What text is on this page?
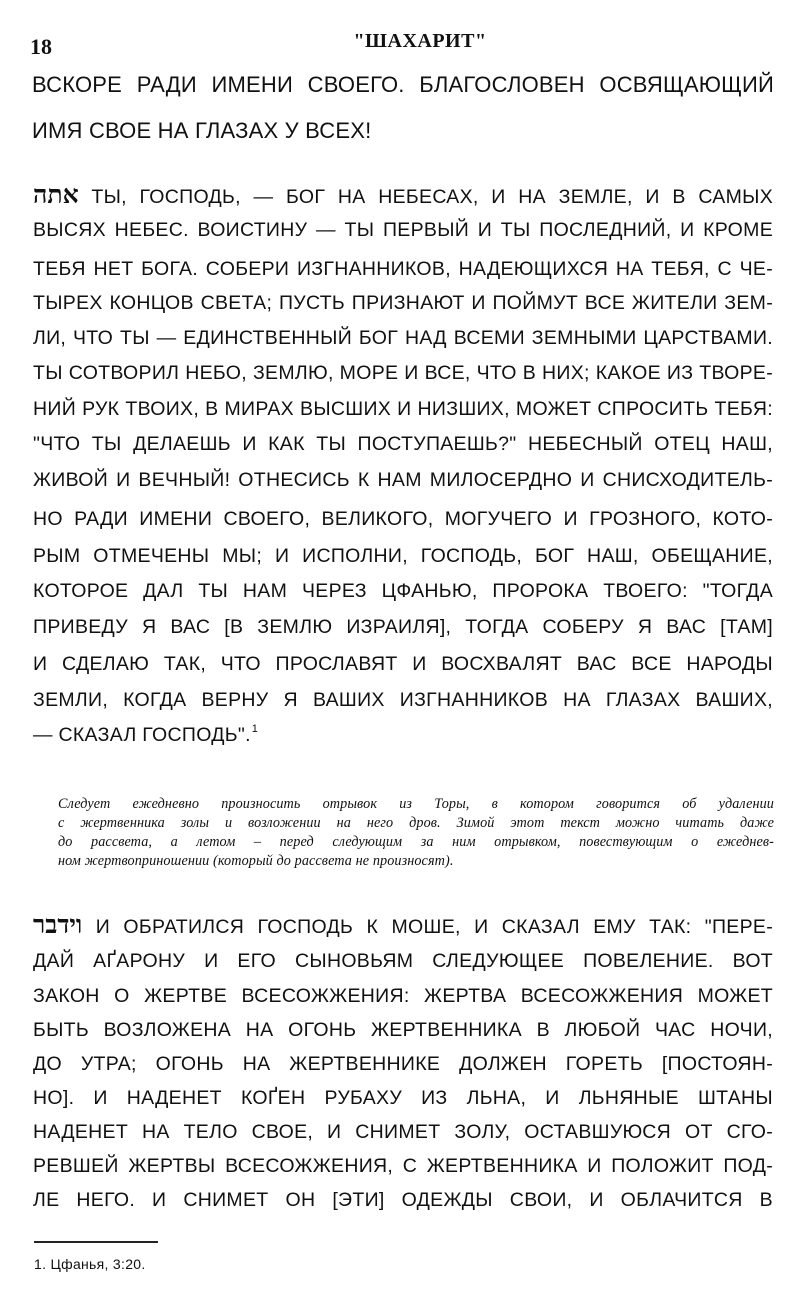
18	"ШАХАРИТ"
ВСКОРЕ РАДИ ИМЕНИ СВОЕГО. БЛАГОСЛОВЕН ОСВЯЩАЮЩИЙ
ИМЯ СВОЕ НА ГЛАЗАХ У ВСЕХ!
אתה ТЫ, ГОСПОДЬ, — БОГ НА НЕБЕСАХ, И НА ЗЕМЛЕ, И В САМЫХ
ВЫСЯХ НЕБЕС. ВОИСТИНУ — ТЫ ПЕРВЫЙ И ТЫ ПОСЛЕДНИЙ, И КРОМЕ
ТЕБЯ НЕТ БОГА. СОБЕРИ ИЗГНАННИКОВ, НАДЕЮЩИХСЯ НА ТЕБЯ, С ЧЕ-
ТЫРЕХ КОНЦОВ СВЕТА; ПУСТЬ ПРИЗНАЮТ И ПОЙМУТ ВСЕ ЖИТЕЛИ ЗЕМ-
ЛИ, ЧТО ТЫ — ЕДИНСТВЕННЫЙ БОГ НАД ВСЕМИ ЗЕМНЫМИ ЦАРСТВАМИ.
ТЫ СОТВОРИЛ НЕБО, ЗЕМЛЮ, МОРЕ И ВСЕ, ЧТО В НИХ; КАКОЕ ИЗ ТВОРЕ-
НИЙ РУК ТВОИХ, В МИРАХ ВЫСШИХ И НИЗШИХ, МОЖЕТ СПРОСИТЬ ТЕБЯ:
"ЧТО ТЫ ДЕЛАЕШЬ И КАК ТЫ ПОСТУПАЕШЬ?" НЕБЕСНЫЙ ОТЕЦ НАШ,
ЖИВОЙ И ВЕЧНЫЙ! ОТНЕСИСЬ К НАМ МИЛОСЕРДНО И СНИСХОДИТЕЛЬ-
НО РАДИ ИМЕНИ СВОЕГО, ВЕЛИКОГО, МОГУЧЕГО И ГРОЗНОГО, КОТО-
РЫМ ОТМЕЧЕНЫ МЫ; И ИСПОЛНИ, ГОСПОДЬ, БОГ НАШ, ОБЕЩАНИЕ,
КОТОРОЕ ДАЛ ТЫ НАМ ЧЕРЕЗ ЦФАНЬЮ, ПРОРОКА ТВОЕГО: "ТОГДА
ПРИВЕДУ Я ВАС [В ЗЕМЛЮ ИЗРАИЛЯ], ТОГДА СОБЕРУ Я ВАС [ТАМ]
И СДЕЛАЮ ТАК, ЧТО ПРОСЛАВЯТ И ВОСХВАЛЯТ ВАС ВСЕ НАРОДЫ
ЗЕМЛИ, КОГДА ВЕРНУ Я ВАШИХ ИЗГНАННИКОВ НА ГЛАЗАХ ВАШИХ,
— СКАЗАЛ ГОСПОДЬ".$^1$
Следует ежедневно произносить отрывок из Торы, в котором говорится об удалении
с жертвенника золы и возложении на него дров. Зимой этот текст можно читать даже
до рассвета, а летом – перед следующим за ним отрывком, повествующим о ежеднев-
ном жертвоприношении (который до рассвета не произносят).
וידבר И ОБРАТИЛСЯ ГОСПОДЬ К МОШЕ, И СКАЗАЛ ЕМУ ТАК: "ПЕРЕ-
ДАЙ АҐАРОНУ И ЕГО СЫНОВЬЯМ СЛЕДУЮЩЕЕ ПОВЕЛЕНИЕ. ВОТ
ЗАКОН О ЖЕРТВЕ ВСЕСОЖЖЕНИЯ: ЖЕРТВА ВСЕСОЖЖЕНИЯ МОЖЕТ
БЫТЬ ВОЗЛОЖЕНА НА ОГОНЬ ЖЕРТВЕННИКА В ЛЮБОЙ ЧАС НОЧИ,
ДО УТРА; ОГОНЬ НА ЖЕРТВЕННИКЕ ДОЛЖЕН ГОРЕТЬ [ПОСТОЯН-
НО]. И НАДЕНЕТ КОҐЕН РУБАХУ ИЗ ЛЬНА, И ЛЬНЯНЫЕ ШТАНЫ
НАДЕНЕТ НА ТЕЛО СВОЕ, И СНИМЕТ ЗОЛУ, ОСТАВШУЮСЯ ОТ СГО-
РЕВШЕЙ ЖЕРТВЫ ВСЕСОЖЖЕНИЯ, С ЖЕРТВЕННИКА И ПОЛОЖИТ ПОД-
ЛЕ НЕГО. И СНИМЕТ ОН [ЭТИ] ОДЕЖДЫ СВОИ, И ОБЛАЧИТСЯ В
1. Цфанья, 3:20.
